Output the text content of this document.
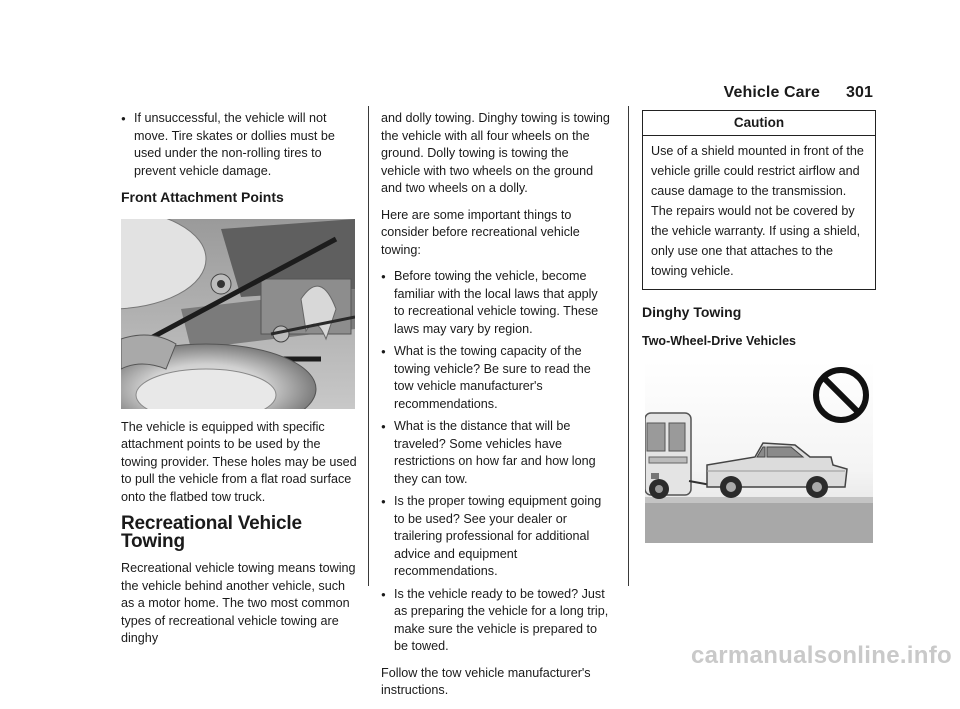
Vehicle Care 301
● If unsuccessful, the vehicle will not move. Tire skates or dollies must be used under the non-rolling tires to prevent vehicle damage.
Front Attachment Points

The vehicle is equipped with specific attachment points to be used by the towing provider. These holes may be used to pull the vehicle from a flat road surface onto the flatbed tow truck.

Recreational Vehicle Towing

Recreational vehicle towing means towing the vehicle behind another vehicle, such as a motor home. The two most common types of recreational vehicle towing are dinghy

and dolly towing. Dinghy towing is towing the vehicle with all four wheels on the ground. Dolly towing is towing the vehicle with two wheels on the ground and two wheels on a dolly.

Here are some important things to consider before recreational vehicle towing:

● Before towing the vehicle, become familiar with the local laws that apply to recreational vehicle towing. These laws may vary by region.
● What is the towing capacity of the towing vehicle? Be sure to read the tow vehicle manufacturer's recommendations.
● What is the distance that will be traveled? Some vehicles have restrictions on how far and how long they can tow.
● Is the proper towing equipment going to be used? See your dealer or trailering professional for additional advice and equipment recommendations.
● Is the vehicle ready to be towed? Just as preparing the vehicle for a long trip, make sure the vehicle is prepared to be towed.

Follow the tow vehicle manufacturer's instructions.

Caution
Use of a shield mounted in front of the vehicle grille could restrict airflow and cause damage to the transmission. The repairs would not be covered by the vehicle warranty. If using a shield, only use one that attaches to the towing vehicle.
Dinghy Towing
Two-Wheel-Drive Vehicles
carmanualsonline.info
